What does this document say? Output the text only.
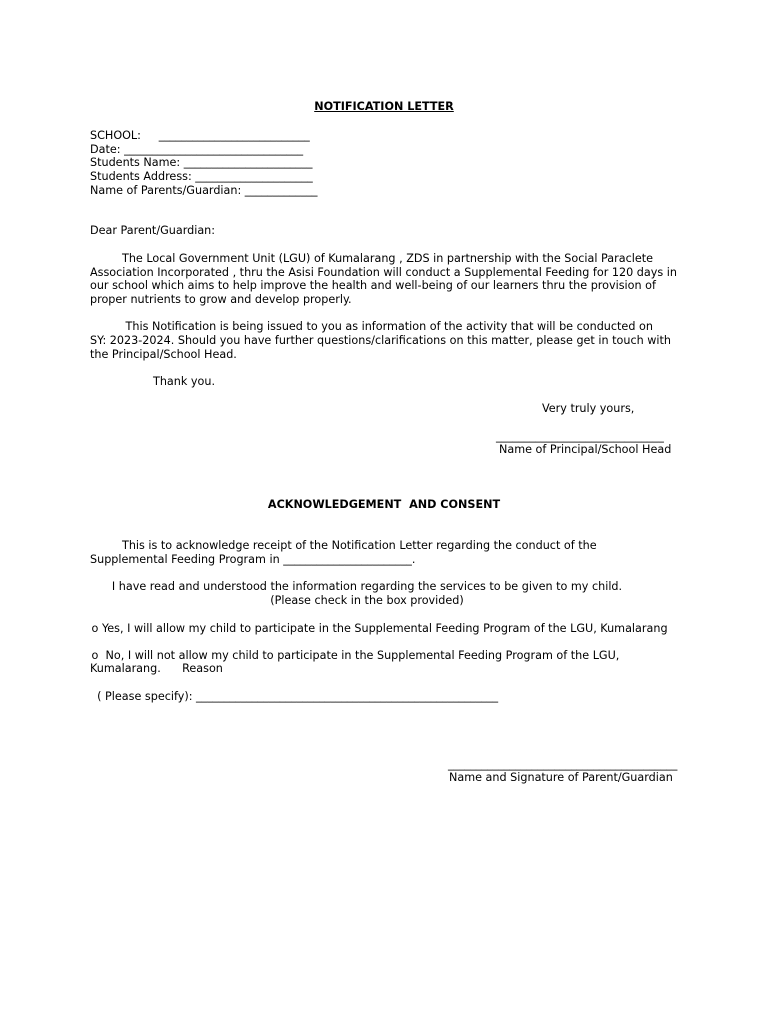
NOTIFICATION LETTER
SCHOOL:     ___________________________
Date: ________________________________
Students Name: _______________________
Students Address: _____________________
Name of Parents/Guardian: _____________
Dear Parent/Guardian:
The Local Government Unit (LGU) of Kumalarang , ZDS in partnership with the Social Paraclete
Association Incorporated , thru the Asisi Foundation will conduct a Supplemental Feeding for 120 days in
our school which aims to help improve the health and well-being of our learners thru the provision of
proper nutrients to grow and develop properly.
This Notification is being issued to you as information of the activity that will be conducted on
SY: 2023-2024. Should you have further questions/clarifications on this matter, please get in touch with
the Principal/School Head.
Thank you.
Very truly yours,
______________________________
Name of Principal/School Head
ACKNOWLEDGEMENT  AND CONSENT
This is to acknowledge receipt of the Notification Letter regarding the conduct of the
Supplemental Feeding Program in _______________________.
I have read and understood the information regarding the services to be given to my child.
(Please check in the box provided)
o Yes, I will allow my child to participate in the Supplemental Feeding Program of the LGU, Kumalarang
o  No, I will not allow my child to participate in the Supplemental Feeding Program of the LGU,
Kumalarang.      Reason
( Please specify): ______________________________________________________
_________________________________________
Name and Signature of Parent/Guardian
